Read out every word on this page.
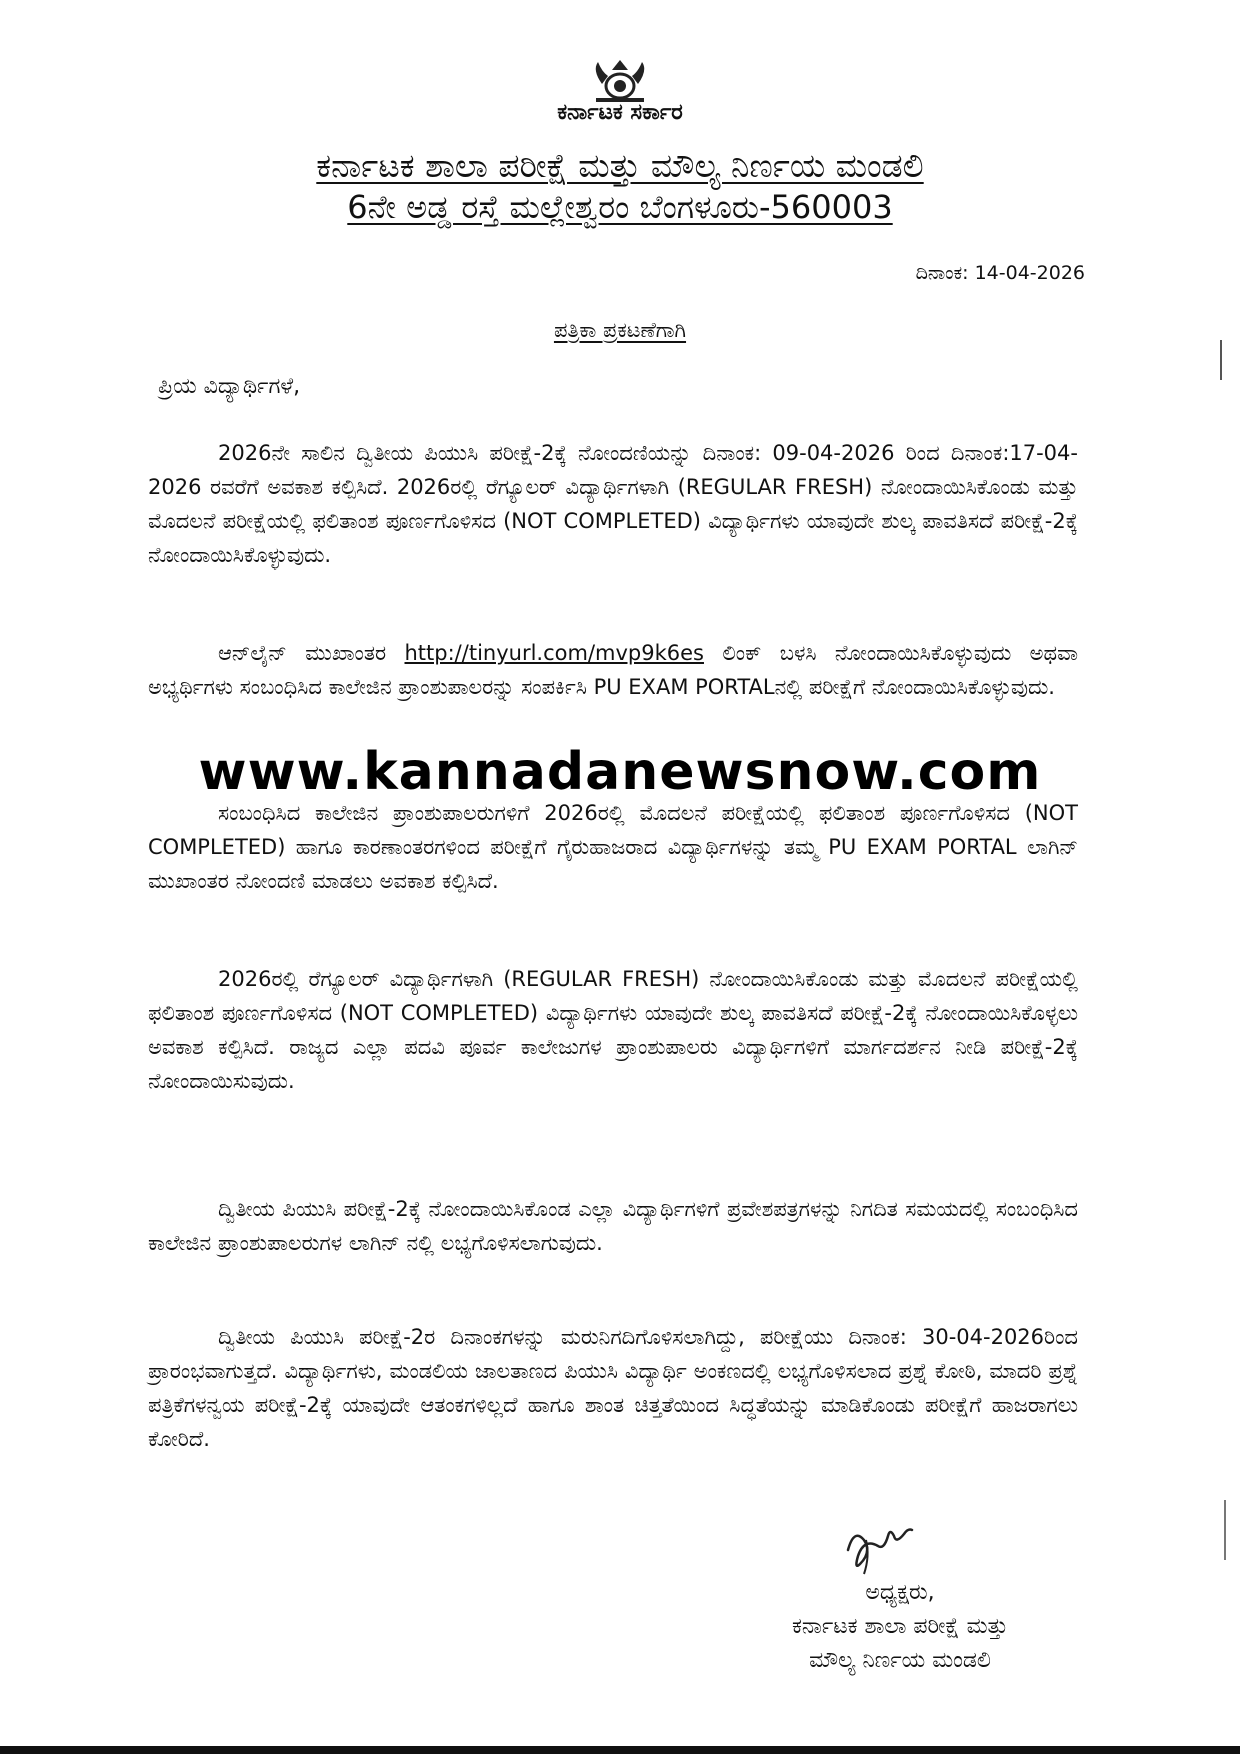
ಕರ್ನಾಟಕ ಸರ್ಕಾರ
ಕರ್ನಾಟಕ ಶಾಲಾ ಪರೀಕ್ಷೆ ಮತ್ತು ಮೌಲ್ಯ ನಿರ್ಣಯ ಮಂಡಲಿ
6ನೇ ಅಡ್ಡ ರಸ್ತೆ ಮಲ್ಲೇಶ್ವರಂ ಬೆಂಗಳೂರು-560003
ದಿನಾಂಕ: 14-04-2026
ಪತ್ರಿಕಾ ಪ್ರಕಟಣೆಗಾಗಿ
ಪ್ರಿಯ ವಿದ್ಯಾರ್ಥಿಗಳೆ,

2026ನೇ ಸಾಲಿನ ದ್ವಿತೀಯ ಪಿಯುಸಿ ಪರೀಕ್ಷೆ-2ಕ್ಕೆ ನೋಂದಣಿಯನ್ನು ದಿನಾಂಕ: 09-04-2026 ರಿಂದ ದಿನಾಂಕ:17-04-2026 ರವರೆಗೆ ಅವಕಾಶ ಕಲ್ಪಿಸಿದೆ. 2026ರಲ್ಲಿ ರೆಗ್ಯೂಲರ್ ವಿದ್ಯಾರ್ಥಿಗಳಾಗಿ (REGULAR FRESH) ನೋಂದಾಯಿಸಿಕೊಂಡು ಮತ್ತು ಮೊದಲನೆ ಪರೀಕ್ಷೆಯಲ್ಲಿ ಫಲಿತಾಂಶ ಪೂರ್ಣಗೊಳಿಸದ (NOT COMPLETED) ವಿದ್ಯಾರ್ಥಿಗಳು ಯಾವುದೇ ಶುಲ್ಕ ಪಾವತಿಸದೆ ಪರೀಕ್ಷೆ-2ಕ್ಕೆ ನೋಂದಾಯಿಸಿಕೊಳ್ಳುವುದು.

ಆನ್‌ಲೈನ್ ಮುಖಾಂತರ http://tinyurl.com/mvp9k6es ಲಿಂಕ್ ಬಳಸಿ ನೋಂದಾಯಿಸಿಕೊಳ್ಳುವುದು ಅಥವಾ ಅಭ್ಯರ್ಥಿಗಳು ಸಂಬಂಧಿಸಿದ ಕಾಲೇಜಿನ ಪ್ರಾಂಶುಪಾಲರನ್ನು ಸಂಪರ್ಕಿಸಿ PU EXAM PORTALನಲ್ಲಿ ಪರೀಕ್ಷೆಗೆ ನೋಂದಾಯಿಸಿಕೊಳ್ಳುವುದು.

www.kannadanewsnow.com

ಸಂಬಂಧಿಸಿದ ಕಾಲೇಜಿನ ಪ್ರಾಂಶುಪಾಲರುಗಳಿಗೆ 2026ರಲ್ಲಿ ಮೊದಲನೆ ಪರೀಕ್ಷೆಯಲ್ಲಿ ಫಲಿತಾಂಶ ಪೂರ್ಣಗೊಳಿಸದ (NOT COMPLETED) ಹಾಗೂ ಕಾರಣಾಂತರಗಳಿಂದ ಪರೀಕ್ಷೆಗೆ ಗೈರುಹಾಜರಾದ ವಿದ್ಯಾರ್ಥಿಗಳನ್ನು ತಮ್ಮ PU EXAM PORTAL ಲಾಗಿನ್ ಮುಖಾಂತರ ನೋಂದಣಿ ಮಾಡಲು ಅವಕಾಶ ಕಲ್ಪಿಸಿದೆ.

2026ರಲ್ಲಿ ರೆಗ್ಯೂಲರ್ ವಿದ್ಯಾರ್ಥಿಗಳಾಗಿ (REGULAR FRESH) ನೋಂದಾಯಿಸಿಕೊಂಡು ಮತ್ತು ಮೊದಲನೆ ಪರೀಕ್ಷೆಯಲ್ಲಿ ಫಲಿತಾಂಶ ಪೂರ್ಣಗೊಳಿಸದ (NOT COMPLETED) ವಿದ್ಯಾರ್ಥಿಗಳು ಯಾವುದೇ ಶುಲ್ಕ ಪಾವತಿಸದೆ ಪರೀಕ್ಷೆ-2ಕ್ಕೆ ನೋಂದಾಯಿಸಿಕೊಳ್ಳಲು ಅವಕಾಶ ಕಲ್ಪಿಸಿದೆ. ರಾಜ್ಯದ ಎಲ್ಲಾ ಪದವಿ ಪೂರ್ವ ಕಾಲೇಜುಗಳ ಪ್ರಾಂಶುಪಾಲರು ವಿದ್ಯಾರ್ಥಿಗಳಿಗೆ ಮಾರ್ಗದರ್ಶನ ನೀಡಿ ಪರೀಕ್ಷೆ-2ಕ್ಕೆ ನೋಂದಾಯಿಸುವುದು.

ದ್ವಿತೀಯ ಪಿಯುಸಿ ಪರೀಕ್ಷೆ-2ಕ್ಕೆ ನೋಂದಾಯಿಸಿಕೊಂಡ ಎಲ್ಲಾ ವಿದ್ಯಾರ್ಥಿಗಳಿಗೆ ಪ್ರವೇಶಪತ್ರಗಳನ್ನು ನಿಗದಿತ ಸಮಯದಲ್ಲಿ ಸಂಬಂಧಿಸಿದ ಕಾಲೇಜಿನ ಪ್ರಾಂಶುಪಾಲರುಗಳ ಲಾಗಿನ್ ನಲ್ಲಿ ಲಭ್ಯಗೊಳಿಸಲಾಗುವುದು.

ದ್ವಿತೀಯ ಪಿಯುಸಿ ಪರೀಕ್ಷೆ-2ರ ದಿನಾಂಕಗಳನ್ನು ಮರುನಿಗದಿಗೊಳಿಸಲಾಗಿದ್ದು, ಪರೀಕ್ಷೆಯು ದಿನಾಂಕ: 30-04-2026ರಿಂದ ಪ್ರಾರಂಭವಾಗುತ್ತದೆ. ವಿದ್ಯಾರ್ಥಿಗಳು, ಮಂಡಲಿಯ ಜಾಲತಾಣದ ಪಿಯುಸಿ ವಿದ್ಯಾರ್ಥಿ ಅಂಕಣದಲ್ಲಿ ಲಭ್ಯಗೊಳಿಸಲಾದ ಪ್ರಶ್ನೆ ಕೋಠಿ, ಮಾದರಿ ಪ್ರಶ್ನೆ ಪತ್ರಿಕೆಗಳನ್ವಯ ಪರೀಕ್ಷೆ-2ಕ್ಕೆ ಯಾವುದೇ ಆತಂಕಗಳಿಲ್ಲದೆ ಹಾಗೂ ಶಾಂತ ಚಿತ್ತತೆಯಿಂದ ಸಿದ್ಧತೆಯನ್ನು ಮಾಡಿಕೊಂಡು ಪರೀಕ್ಷೆಗೆ ಹಾಜರಾಗಲು ಕೋರಿದೆ.

ಅಧ್ಯಕ್ಷರು,
ಕರ್ನಾಟಕ ಶಾಲಾ ಪರೀಕ್ಷೆ ಮತ್ತು
ಮೌಲ್ಯ ನಿರ್ಣಯ ಮಂಡಲಿ
